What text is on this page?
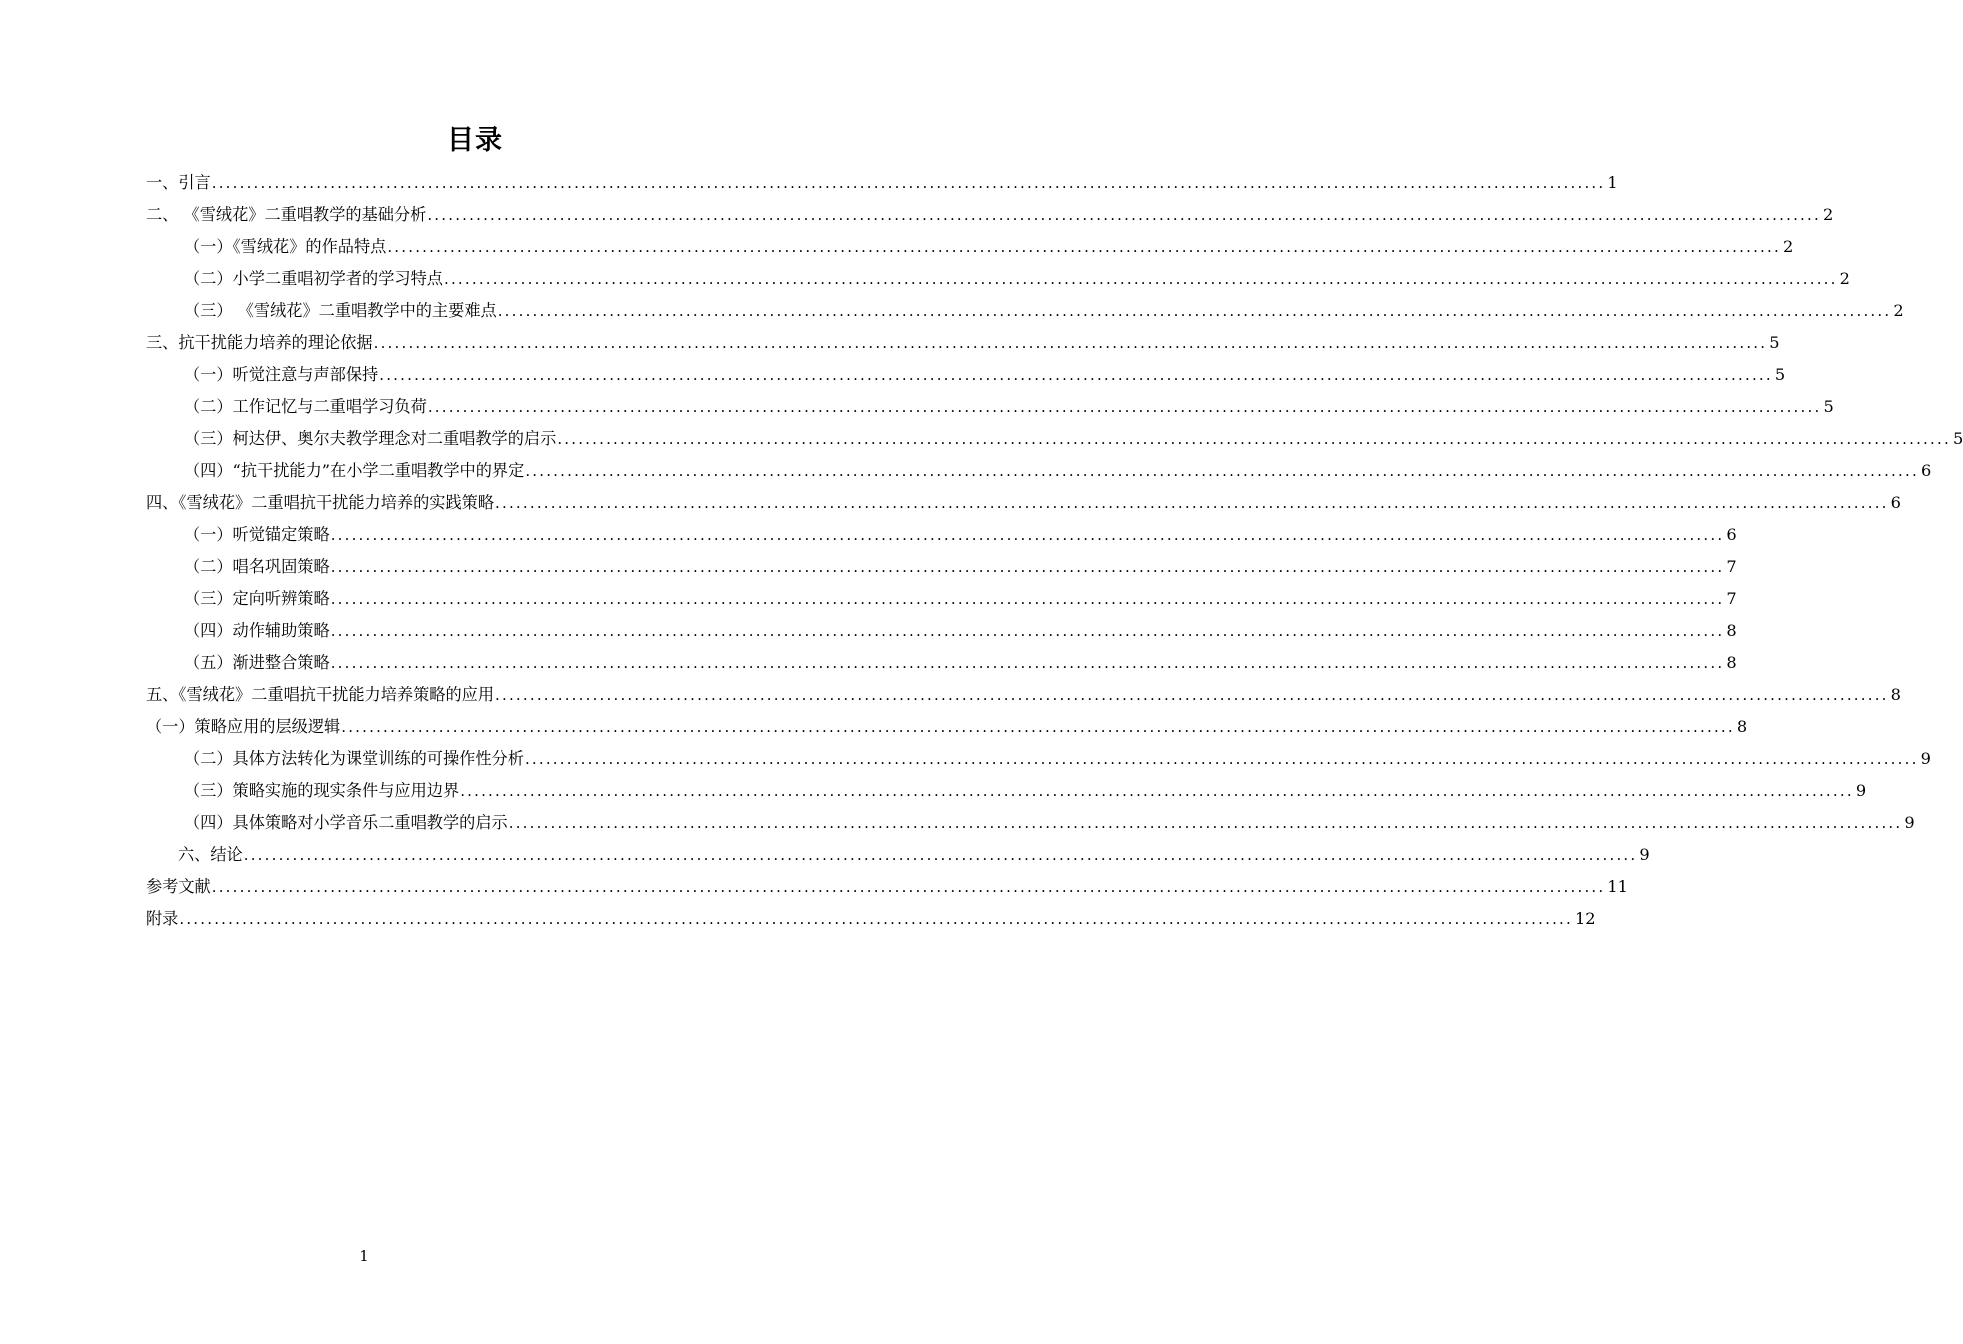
目录
一、引言 ........................................................................................................................................................................................................ 1
二、 《雪绒花》二重唱教学的基础分析 ........................................................................................................................................................................................................ 2
（一）《雪绒花》的作品特点 ........................................................................................................................................................................................................ 2
（二）小学二重唱初学者的学习特点 ........................................................................................................................................................................................................ 2
（三） 《雪绒花》二重唱教学中的主要难点 ........................................................................................................................................................................................................ 2
三、抗干扰能力培养的理论依据 ........................................................................................................................................................................................................ 5
（一）听觉注意与声部保持 ........................................................................................................................................................................................................ 5
（二）工作记忆与二重唱学习负荷 ........................................................................................................................................................................................................ 5
（三）柯达伊、奥尔夫教学理念对二重唱教学的启示 ........................................................................................................................................................................................................ 5
（四）“抗干扰能力”在小学二重唱教学中的界定 ........................................................................................................................................................................................................ 6
四、《雪绒花》二重唱抗干扰能力培养的实践策略 ........................................................................................................................................................................................................ 6
（一）听觉锚定策略 ........................................................................................................................................................................................................ 6
（二）唱名巩固策略 ........................................................................................................................................................................................................ 7
（三）定向听辨策略 ........................................................................................................................................................................................................ 7
（四）动作辅助策略 ........................................................................................................................................................................................................ 8
（五）渐进整合策略 ........................................................................................................................................................................................................ 8
五、《雪绒花》二重唱抗干扰能力培养策略的应用 ........................................................................................................................................................................................................ 8
（一）策略应用的层级逻辑 ........................................................................................................................................................................................................ 8
（二）具体方法转化为课堂训练的可操作性分析 ........................................................................................................................................................................................................ 9
（三）策略实施的现实条件与应用边界 ........................................................................................................................................................................................................ 9
（四）具体策略对小学音乐二重唱教学的启示 ........................................................................................................................................................................................................ 9
六、结论 ........................................................................................................................................................................................................ 9
参考文献 ........................................................................................................................................................................................................ 11
附录 ........................................................................................................................................................................................................ 12
1
